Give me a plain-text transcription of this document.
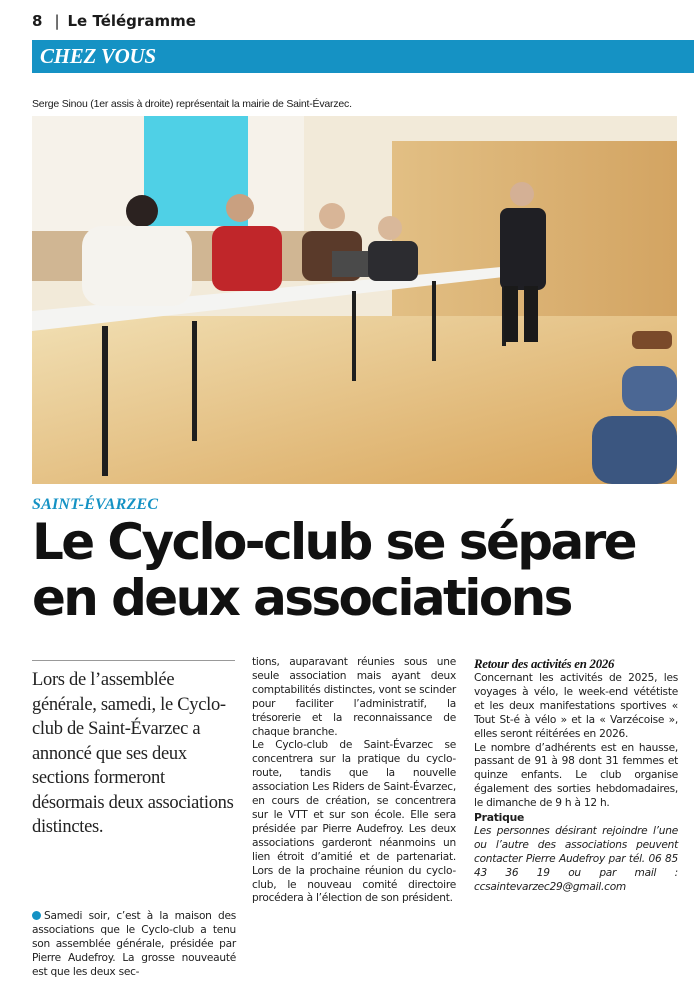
8 | Le Télégramme
CHEZ VOUS
Serge Sinou (1er assis à droite) représentait la mairie de Saint-Évarzec.
SAINT-ÉVARZEC
Le Cyclo-club se sépare
en deux associations
Lors de l’assemblée générale, samedi, le Cyclo-club de Saint-Évarzec a annoncé que ses deux sections formeront désormais deux associations distinctes.
Samedi soir, c’est à la maison des associations que le Cyclo-club a tenu son assemblée générale, présidée par Pierre Audefroy. La grosse nouveauté est que les deux sec-

tions, auparavant réunies sous une seule association mais ayant deux comptabilités distinctes, vont se scinder pour faciliter l’administratif, la trésorerie et la reconnaissance de chaque branche.

Le Cyclo-club de Saint-Évarzec se concentrera sur la pratique du cyclo-route, tandis que la nouvelle association Les Riders de Saint-Évarzec, en cours de création, se concentrera sur le VTT et sur son école. Elle sera présidée par Pierre Audefroy. Les deux associations garderont néanmoins un lien étroit d’amitié et de partenariat. Lors de la prochaine réunion du cyclo-club, le nouveau comité directoire procédera à l’élection de son président.

Retour des activités en 2026

Concernant les activités de 2025, les voyages à vélo, le week-end vététiste et les deux manifestations sportives « Tout St-é à vélo » et la « Varzécoise », elles seront réitérées en 2026.

Le nombre d’adhérents est en hausse, passant de 91 à 98 dont 31 femmes et quinze enfants. Le club organise également des sorties hebdomadaires, le dimanche de 9 h à 12 h.

Pratique

Les personnes désirant rejoindre l’une ou l’autre des associations peuvent contacter Pierre Audefroy par tél. 06 85 43 36 19 ou par mail : ccsaintevarzec29@gmail.com
